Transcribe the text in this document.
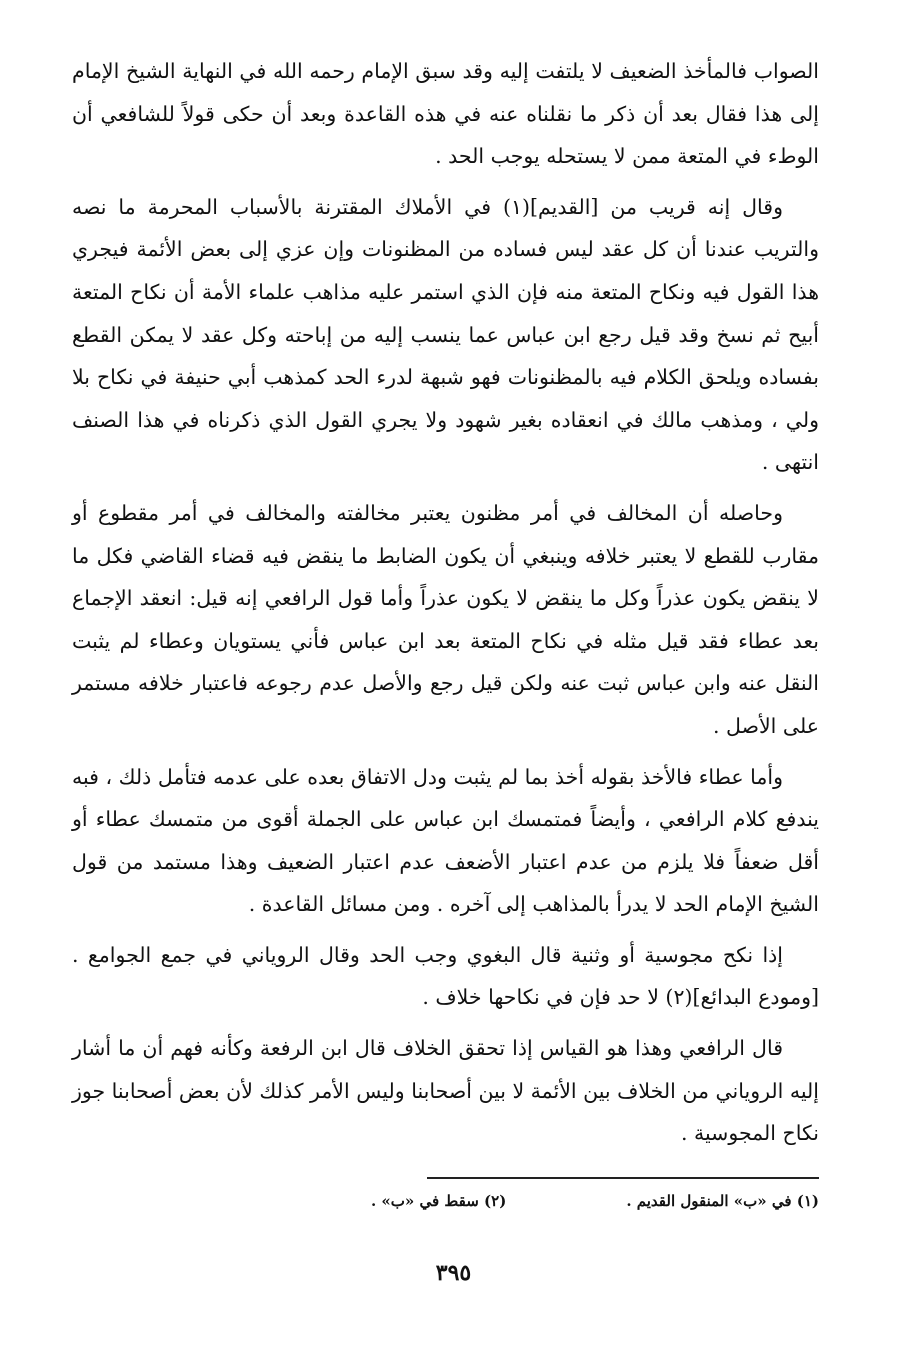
الصواب فالمأخذ الضعيف لا يلتفت إليه وقد سبق الإمام رحمه الله في النهاية الشيخ الإمام إلى هذا فقال بعد أن ذكر ما نقلناه عنه في هذه القاعدة وبعد أن حكى قولاً للشافعي أن الوطء في المتعة ممن لا يستحله يوجب الحد .

وقال إنه قريب من [القديم](١) في الأملاك المقترنة بالأسباب المحرمة ما نصه والتريب عندنا أن كل عقد ليس فساده من المظنونات وإن عزي إلى بعض الأئمة فيجري هذا القول فيه ونكاح المتعة منه فإن الذي استمر عليه مذاهب علماء الأمة أن نكاح المتعة أبيح ثم نسخ وقد قيل رجع ابن عباس عما ينسب إليه من إباحته وكل عقد لا يمكن القطع بفساده ويلحق الكلام فيه بالمظنونات فهو شبهة لدرء الحد كمذهب أبي حنيفة في نكاح بلا ولي ، ومذهب مالك في انعقاده بغير شهود ولا يجري القول الذي ذكرناه في هذا الصنف انتهى .

وحاصله أن المخالف في أمر مظنون يعتبر مخالفته والمخالف في أمر مقطوع أو مقارب للقطع لا يعتبر خلافه وينبغي أن يكون الضابط ما ينقض فيه قضاء القاضي فكل ما لا ينقض يكون عذراً وكل ما ينقض لا يكون عذراً وأما قول الرافعي إنه قيل: انعقد الإجماع بعد عطاء فقد قيل مثله في نكاح المتعة بعد ابن عباس فأني يستويان وعطاء لم يثبت النقل عنه وابن عباس ثبت عنه ولكن قيل رجع والأصل عدم رجوعه فاعتبار خلافه مستمر على الأصل .

وأما عطاء فالأخذ بقوله أخذ بما لم يثبت ودل الاتفاق بعده على عدمه فتأمل ذلك ، فبه يندفع كلام الرافعي ، وأيضاً فمتمسك ابن عباس على الجملة أقوى من متمسك عطاء أو أقل ضعفاً فلا يلزم من عدم اعتبار الأضعف عدم اعتبار الضعيف وهذا مستمد من قول الشيخ الإمام الحد لا يدرأ بالمذاهب إلى آخره . ومن مسائل القاعدة .

إذا نكح مجوسية أو وثنية قال البغوي وجب الحد وقال الروياني في جمع الجوامع . [ومودع البدائع](٢) لا حد فإن في نكاحها خلاف .

قال الرافعي وهذا هو القياس إذا تحقق الخلاف قال ابن الرفعة وكأنه فهم أن ما أشار إليه الروياني من الخلاف بين الأئمة لا بين أصحابنا وليس الأمر كذلك لأن بعض أصحابنا جوز نكاح المجوسية .

(١) في «ب» المنقول القديم .
(٢) سقط في «ب» .
٣٩٥
